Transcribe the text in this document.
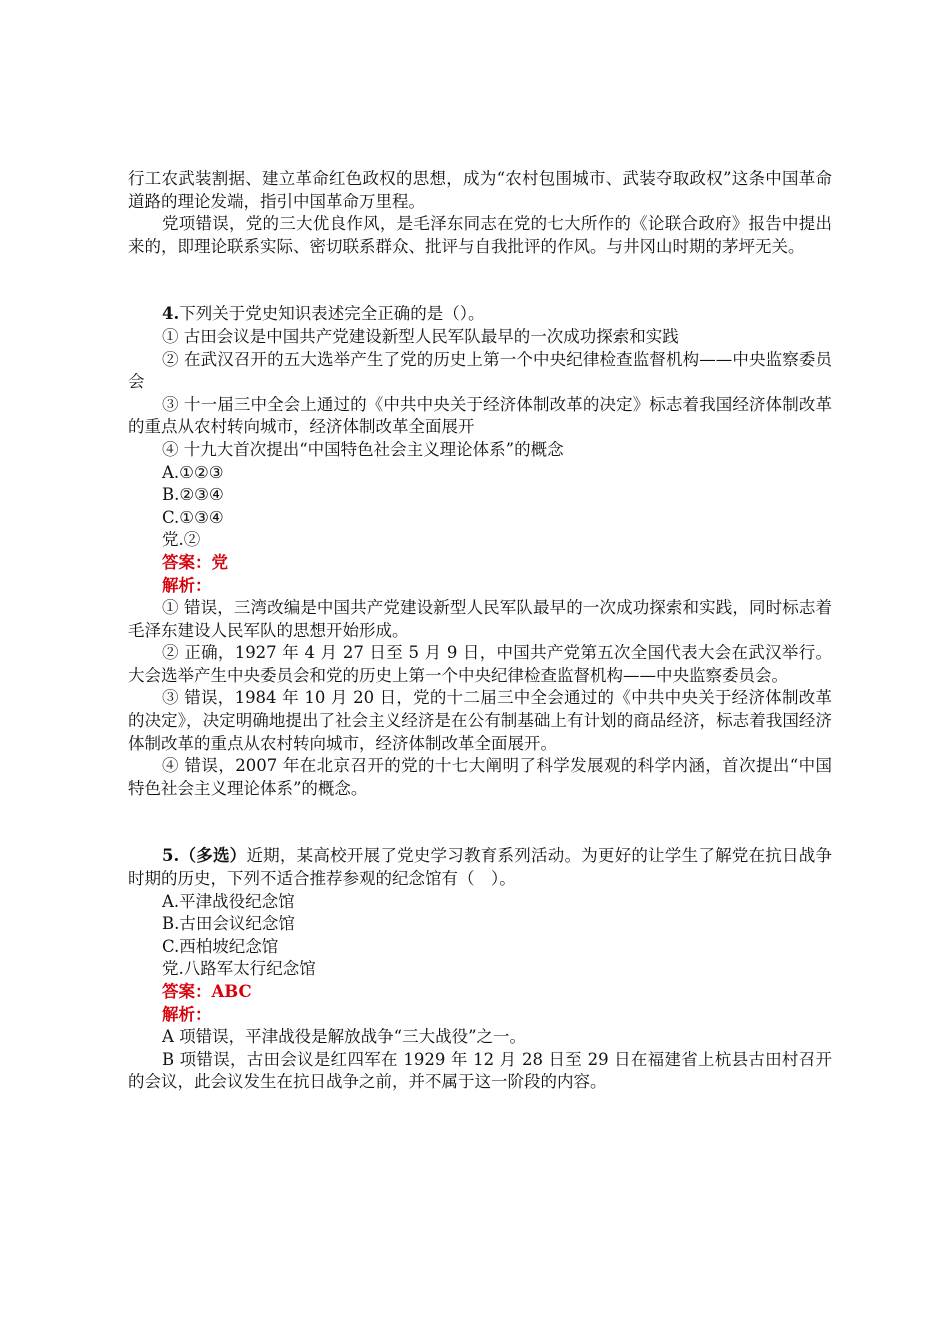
行工农武装割据、建立革命红色政权的思想，成为“农村包围城市、武装夺取政权”这条中国革命道路的理论发端，指引中国革命万里程。

党项错误，党的三大优良作风，是毛泽东同志在党的七大所作的《论联合政府》报告中提出来的，即理论联系实际、密切联系群众、批评与自我批评的作风。与井冈山时期的茅坪无关。

4.下列关于党史知识表述完全正确的是（）。

① 古田会议是中国共产党建设新型人民军队最早的一次成功探索和实践

② 在武汉召开的五大选举产生了党的历史上第一个中央纪律检查监督机构——中央监察委员会

③ 十一届三中全会上通过的《中共中央关于经济体制改革的决定》标志着我国经济体制改革的重点从农村转向城市，经济体制改革全面展开

④ 十九大首次提出“中国特色社会主义理论体系”的概念

A.①②③

B.②③④

C.①③④

党.②

答案：党

解析：

① 错误，三湾改编是中国共产党建设新型人民军队最早的一次成功探索和实践，同时标志着毛泽东建设人民军队的思想开始形成。

② 正确，1927 年 4 月 27 日至 5 月 9 日，中国共产党第五次全国代表大会在武汉举行。大会选举产生中央委员会和党的历史上第一个中央纪律检查监督机构——中央监察委员会。

③ 错误，1984 年 10 月 20 日，党的十二届三中全会通过的《中共中央关于经济体制改革的决定》，决定明确地提出了社会主义经济是在公有制基础上有计划的商品经济，标志着我国经济体制改革的重点从农村转向城市，经济体制改革全面展开。

④ 错误，2007 年在北京召开的党的十七大阐明了科学发展观的科学内涵，首次提出“中国特色社会主义理论体系”的概念。

5.（多选）近期，某高校开展了党史学习教育系列活动。为更好的让学生了解党在抗日战争时期的历史，下列不适合推荐参观的纪念馆有（　）。

A.平津战役纪念馆

B.古田会议纪念馆

C.西柏坡纪念馆

党.八路军太行纪念馆

答案：ABC

解析：

A 项错误，平津战役是解放战争“三大战役”之一。

B 项错误，古田会议是红四军在 1929 年 12 月 28 日至 29 日在福建省上杭县古田村召开的会议，此会议发生在抗日战争之前，并不属于这一阶段的内容。
